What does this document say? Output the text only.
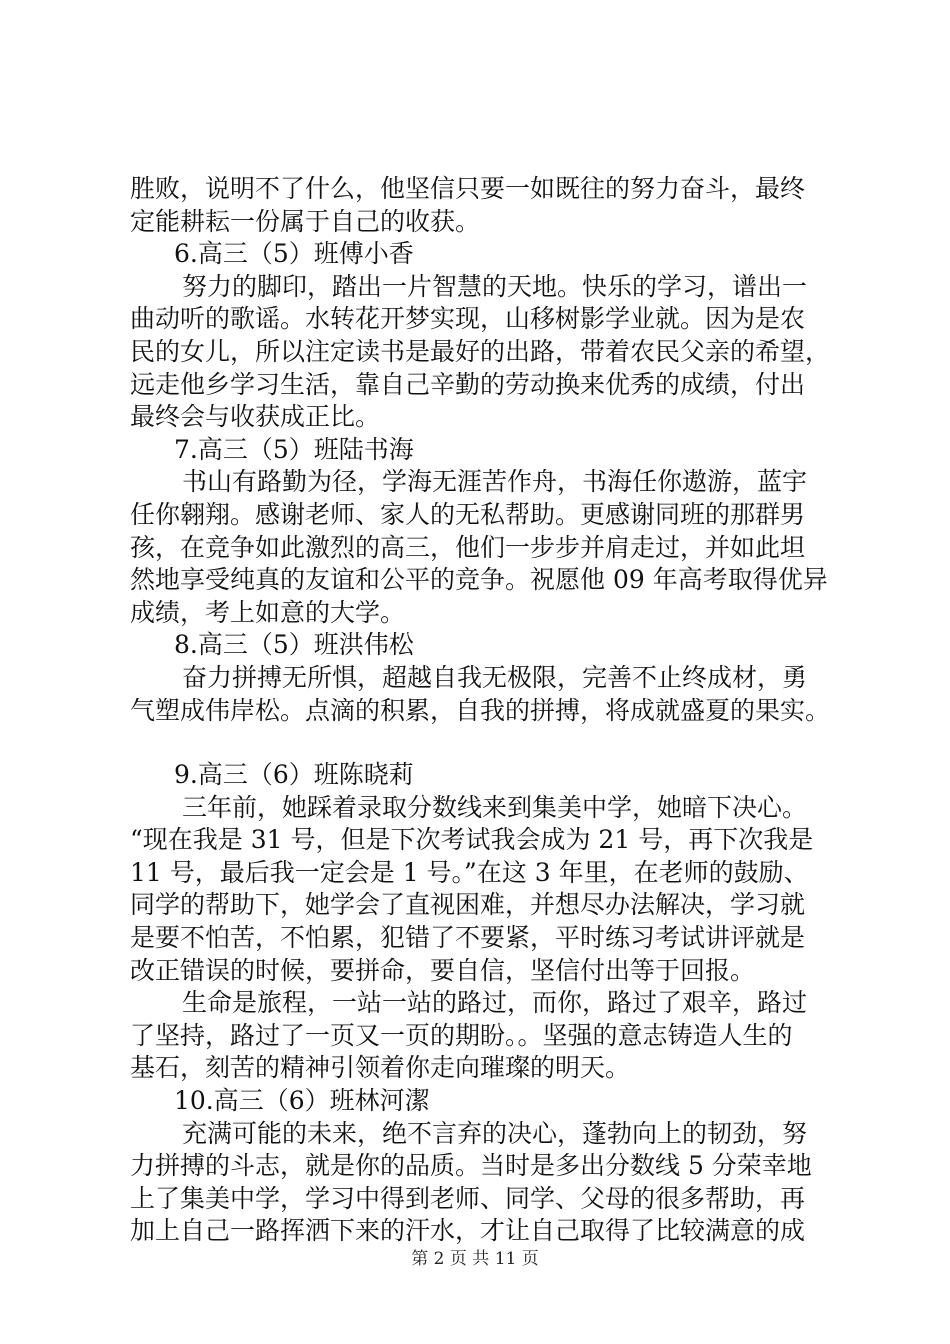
胜败，说明不了什么，他坚信只要一如既往的努力奋斗，最终
定能耕耘一份属于自己的收获。
6.高三（5）班傅小香
努力的脚印，踏出一片智慧的天地。快乐的学习，谱出一
曲动听的歌谣。水转花开梦实现，山移树影学业就。因为是农
民的女儿，所以注定读书是最好的出路，带着农民父亲的希望，
远走他乡学习生活，靠自己辛勤的劳动换来优秀的成绩，付出
最终会与收获成正比。
7.高三（5）班陆书海
书山有路勤为径，学海无涯苦作舟，书海任你遨游，蓝宇
任你翱翔。感谢老师、家人的无私帮助。更感谢同班的那群男
孩，在竞争如此激烈的高三，他们一步步并肩走过，并如此坦
然地享受纯真的友谊和公平的竞争。祝愿他 09 年高考取得优异
成绩，考上如意的大学。
8.高三（5）班洪伟松
奋力拼搏无所惧，超越自我无极限，完善不止终成材，勇
气塑成伟岸松。点滴的积累，自我的拼搏，将成就盛夏的果实。
9.高三（6）班陈晓莉
三年前，她踩着录取分数线来到集美中学，她暗下决心。
“现在我是 31 号，但是下次考试我会成为 21 号，再下次我是
11 号，最后我一定会是 1 号。”在这 3 年里，在老师的鼓励、
同学的帮助下，她学会了直视困难，并想尽办法解决，学习就
是要不怕苦，不怕累，犯错了不要紧，平时练习考试讲评就是
改正错误的时候，要拼命，要自信，坚信付出等于回报。
生命是旅程，一站一站的路过，而你，路过了艰辛，路过
了坚持，路过了一页又一页的期盼。。坚强的意志铸造人生的
基石，刻苦的精神引领着你走向璀璨的明天。
10.高三（6）班林河潔
充满可能的未来，绝不言弃的决心，蓬勃向上的韧劲，努
力拼搏的斗志，就是你的品质。当时是多出分数线 5 分荣幸地
上了集美中学，学习中得到老师、同学、父母的很多帮助，再
加上自己一路挥洒下来的汗水，才让自己取得了比较满意的成
第 2 页 共 11 页
